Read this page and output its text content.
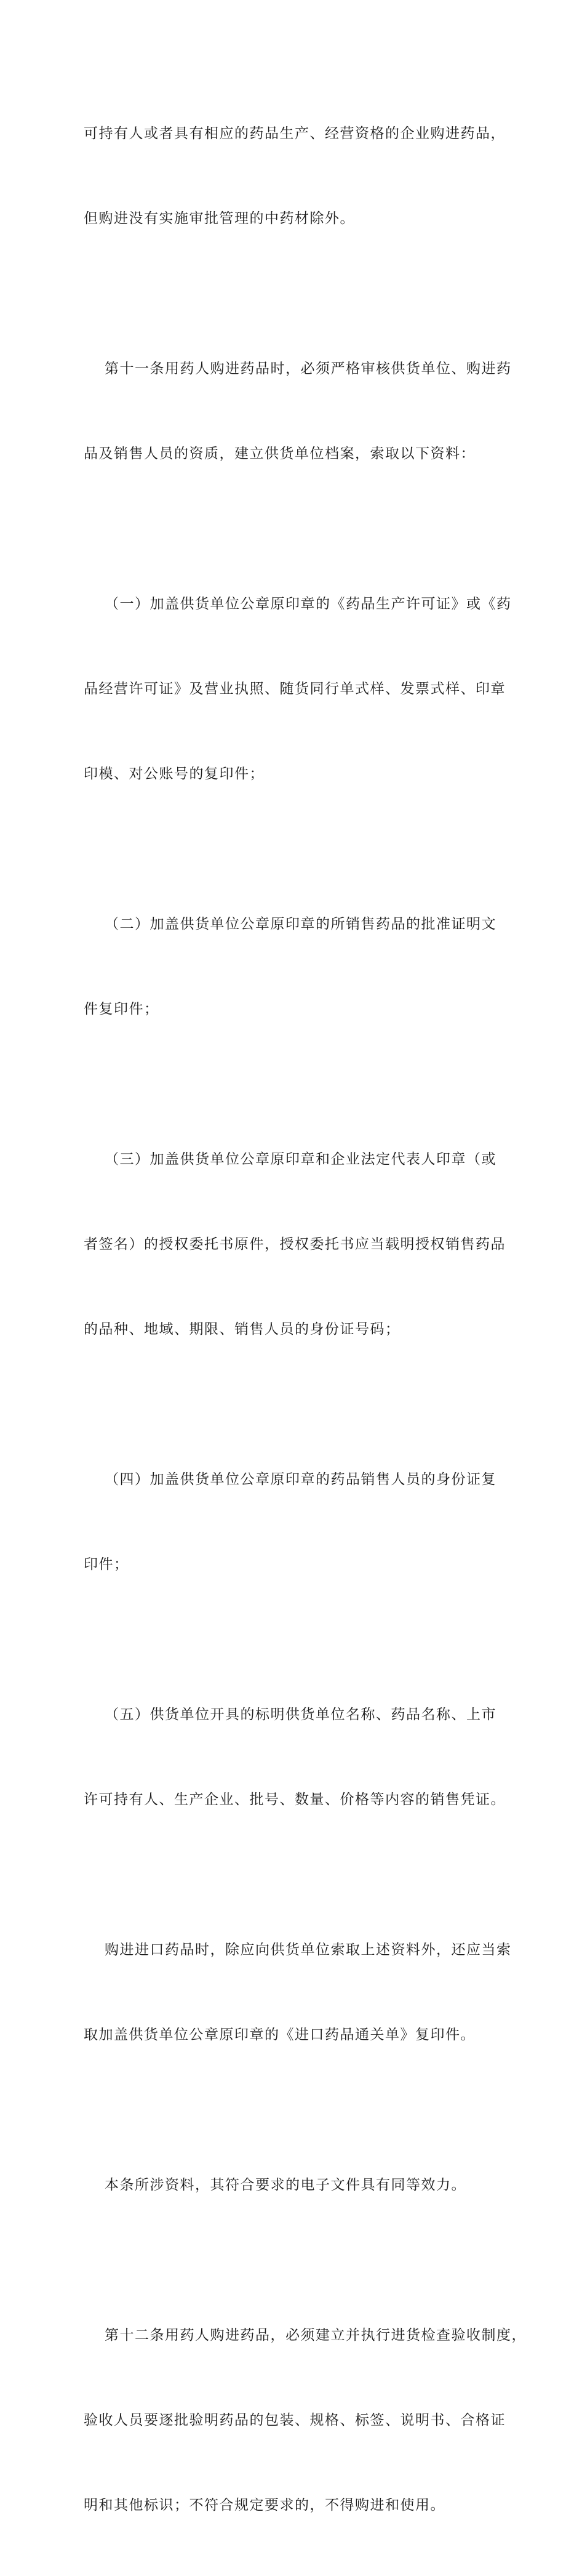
可持有人或者具有相应的药品生产、经营资格的企业购进药品，

但购进没有实施审批管理的中药材除外。

第十一条用药人购进药品时，必须严格审核供货单位、购进药

品及销售人员的资质，建立供货单位档案，索取以下资料：

（一）加盖供货单位公章原印章的《药品生产许可证》或《药

品经营许可证》及营业执照、随货同行单式样、发票式样、印章

印模、对公账号的复印件；

（二）加盖供货单位公章原印章的所销售药品的批准证明文

件复印件；

（三）加盖供货单位公章原印章和企业法定代表人印章（或

者签名）的授权委托书原件，授权委托书应当载明授权销售药品

的品种、地域、期限、销售人员的身份证号码；

（四）加盖供货单位公章原印章的药品销售人员的身份证复

印件；

（五）供货单位开具的标明供货单位名称、药品名称、上市

许可持有人、生产企业、批号、数量、价格等内容的销售凭证。

购进进口药品时，除应向供货单位索取上述资料外，还应当索

取加盖供货单位公章原印章的《进口药品通关单》复印件。

本条所涉资料，其符合要求的电子文件具有同等效力。

第十二条用药人购进药品，必须建立并执行进货检查验收制度，

验收人员要逐批验明药品的包装、规格、标签、说明书、合格证

明和其他标识；不符合规定要求的，不得购进和使用。
